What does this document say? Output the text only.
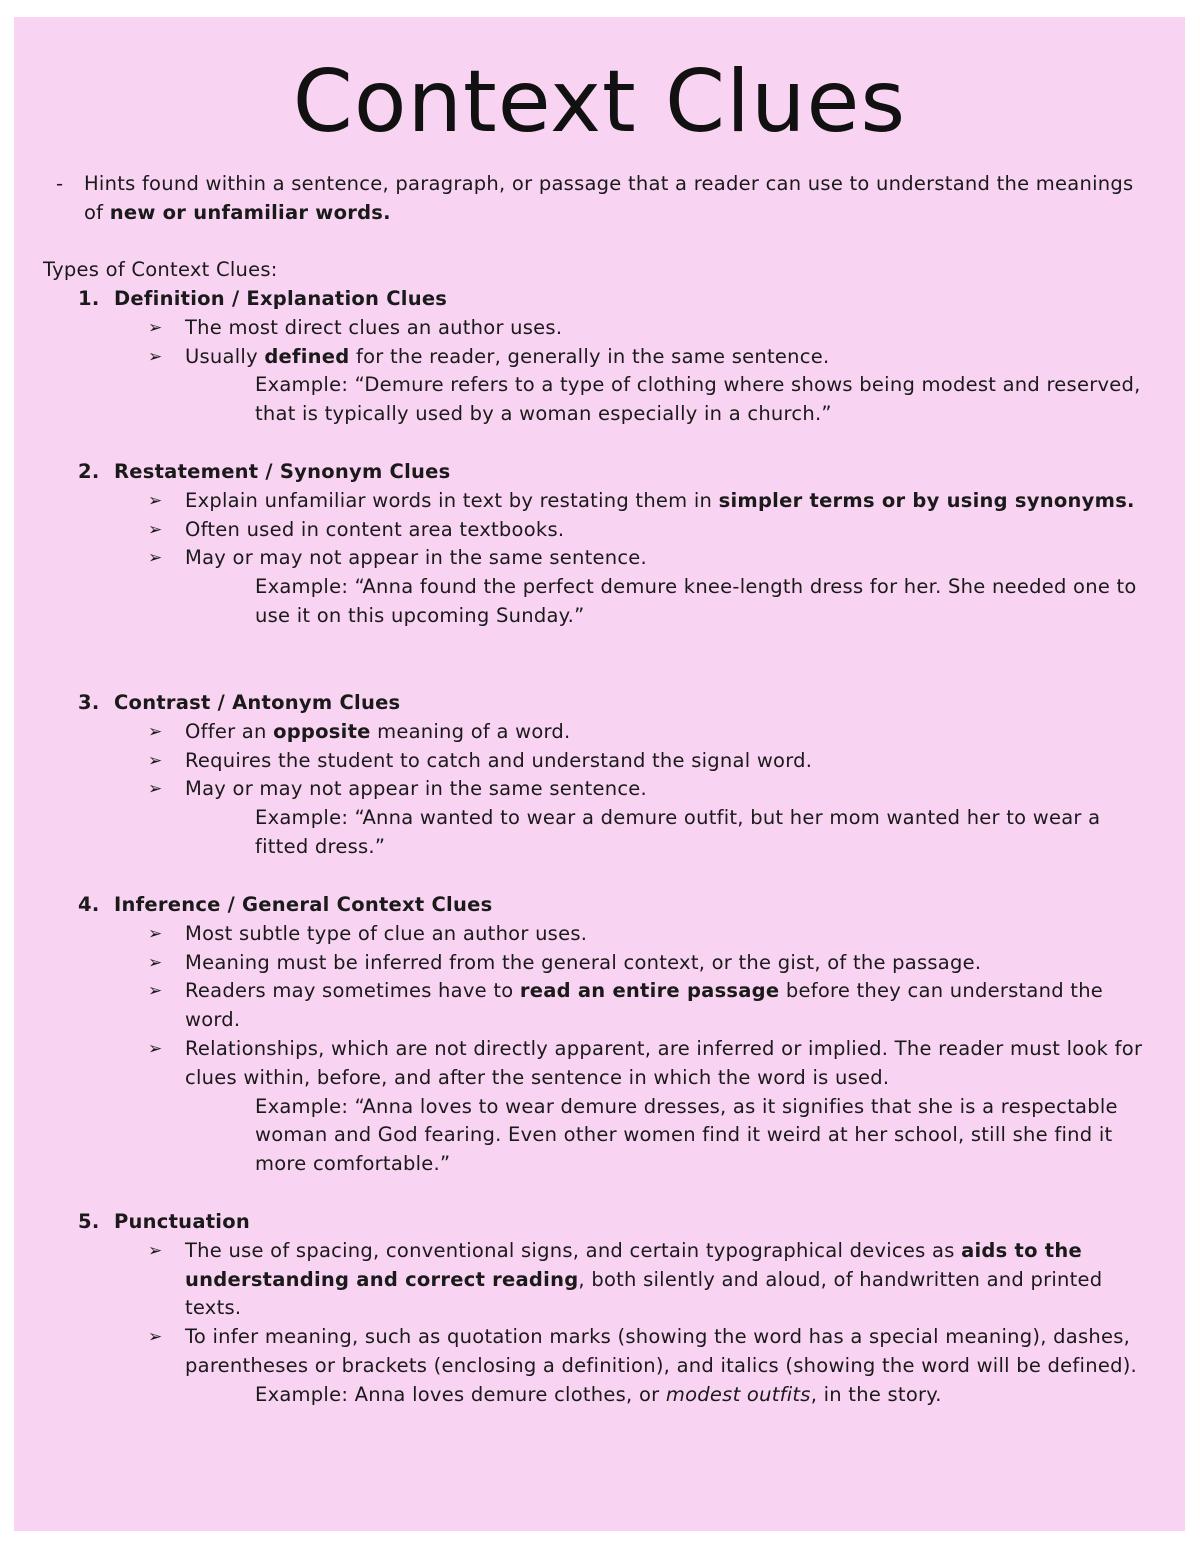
Context Clues
- Hints found within a sentence, paragraph, or passage that a reader can use to understand the meanings of new or unfamiliar words.
Types of Context Clues:
1. Definition / Explanation Clues
➢ The most direct clues an author uses.
➢ Usually defined for the reader, generally in the same sentence.
Example: “Demure refers to a type of clothing where shows being modest and reserved, that is typically used by a woman especially in a church.”
2. Restatement / Synonym Clues
➢ Explain unfamiliar words in text by restating them in simpler terms or by using synonyms.
➢ Often used in content area textbooks.
➢ May or may not appear in the same sentence.
Example: “Anna found the perfect demure knee-length dress for her. She needed one to use it on this upcoming Sunday.”
3. Contrast / Antonym Clues
➢ Offer an opposite meaning of a word.
➢ Requires the student to catch and understand the signal word.
➢ May or may not appear in the same sentence.
Example: “Anna wanted to wear a demure outfit, but her mom wanted her to wear a fitted dress.”
4. Inference / General Context Clues
➢ Most subtle type of clue an author uses.
➢ Meaning must be inferred from the general context, or the gist, of the passage.
➢ Readers may sometimes have to read an entire passage before they can understand the word.
➢ Relationships, which are not directly apparent, are inferred or implied. The reader must look for clues within, before, and after the sentence in which the word is used.
Example: “Anna loves to wear demure dresses, as it signifies that she is a respectable woman and God fearing. Even other women find it weird at her school, still she find it more comfortable.”
5. Punctuation
➢ The use of spacing, conventional signs, and certain typographical devices as aids to the understanding and correct reading, both silently and aloud, of handwritten and printed texts.
➢ To infer meaning, such as quotation marks (showing the word has a special meaning), dashes, parentheses or brackets (enclosing a definition), and italics (showing the word will be defined).
Example: Anna loves demure clothes, or modest outfits, in the story.
